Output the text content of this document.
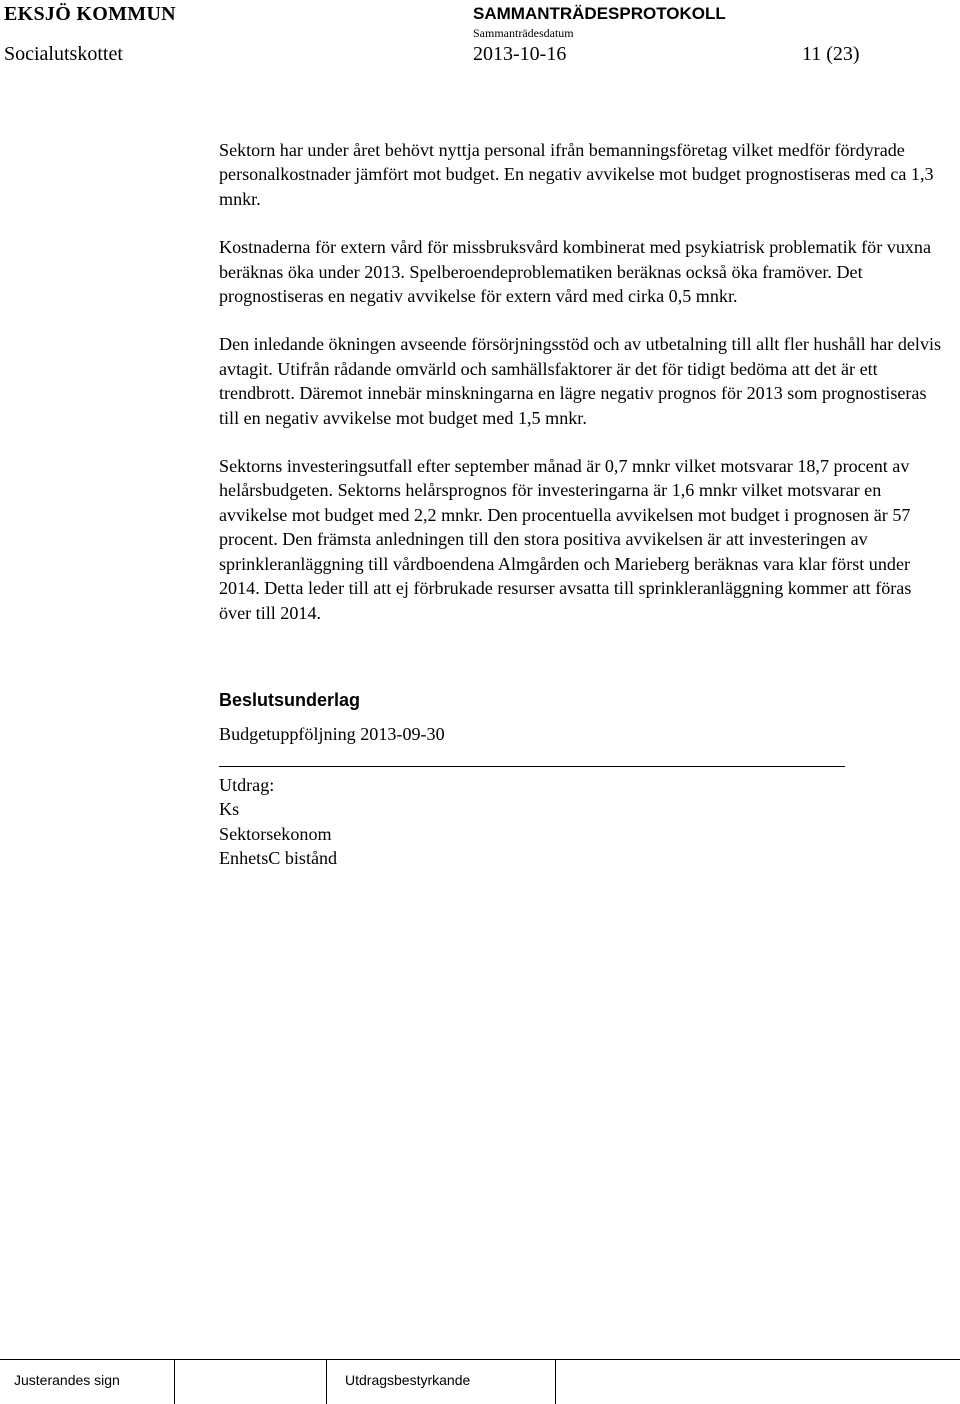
EKSJÖ KOMMUN
Socialutskottet
SAMMANTRÄDESPROTOKOLL
Sammanträdesdatum
2013-10-16	11 (23)

Sektorn har under året behövt nyttja personal ifrån bemanningsföretag vilket medför fördyrade personalkostnader jämfört mot budget. En negativ avvikelse mot budget prognostiseras med ca 1,3 mnkr.

Kostnaderna för extern vård för missbruksvård kombinerat med psykiatrisk problematik för vuxna beräknas öka under 2013. Spelberoendeproblematiken beräknas också öka framöver. Det prognostiseras en negativ avvikelse för extern vård med cirka 0,5 mnkr.

Den inledande ökningen avseende försörjningsstöd och av utbetalning till allt fler hushåll har delvis avtagit. Utifrån rådande omvärld och samhällsfaktorer är det för tidigt bedöma att det är ett trendbrott. Däremot innebär minskningarna en lägre negativ prognos för 2013 som prognostiseras till en negativ avvikelse mot budget med 1,5 mnkr.

Sektorns investeringsutfall efter september månad är 0,7 mnkr vilket motsvarar 18,7 procent av helårsbudgeten. Sektorns helårsprognos för investeringarna är 1,6 mnkr vilket motsvarar en avvikelse mot budget med 2,2 mnkr. Den procentuella avvikelsen mot budget i prognosen är 57 procent. Den främsta anledningen till den stora positiva avvikelsen är att investeringen av sprinkleranläggning till vårdboendena Almgården och Marieberg beräknas vara klar först under 2014. Detta leder till att ej förbrukade resurser avsatta till sprinkleranläggning kommer att föras över till 2014.

Beslutsunderlag
Budgetuppföljning 2013-09-30
Utdrag:
Ks
Sektorsekonom
EnhetsC bistånd
Justerandes sign	Utdragsbestyrkande
